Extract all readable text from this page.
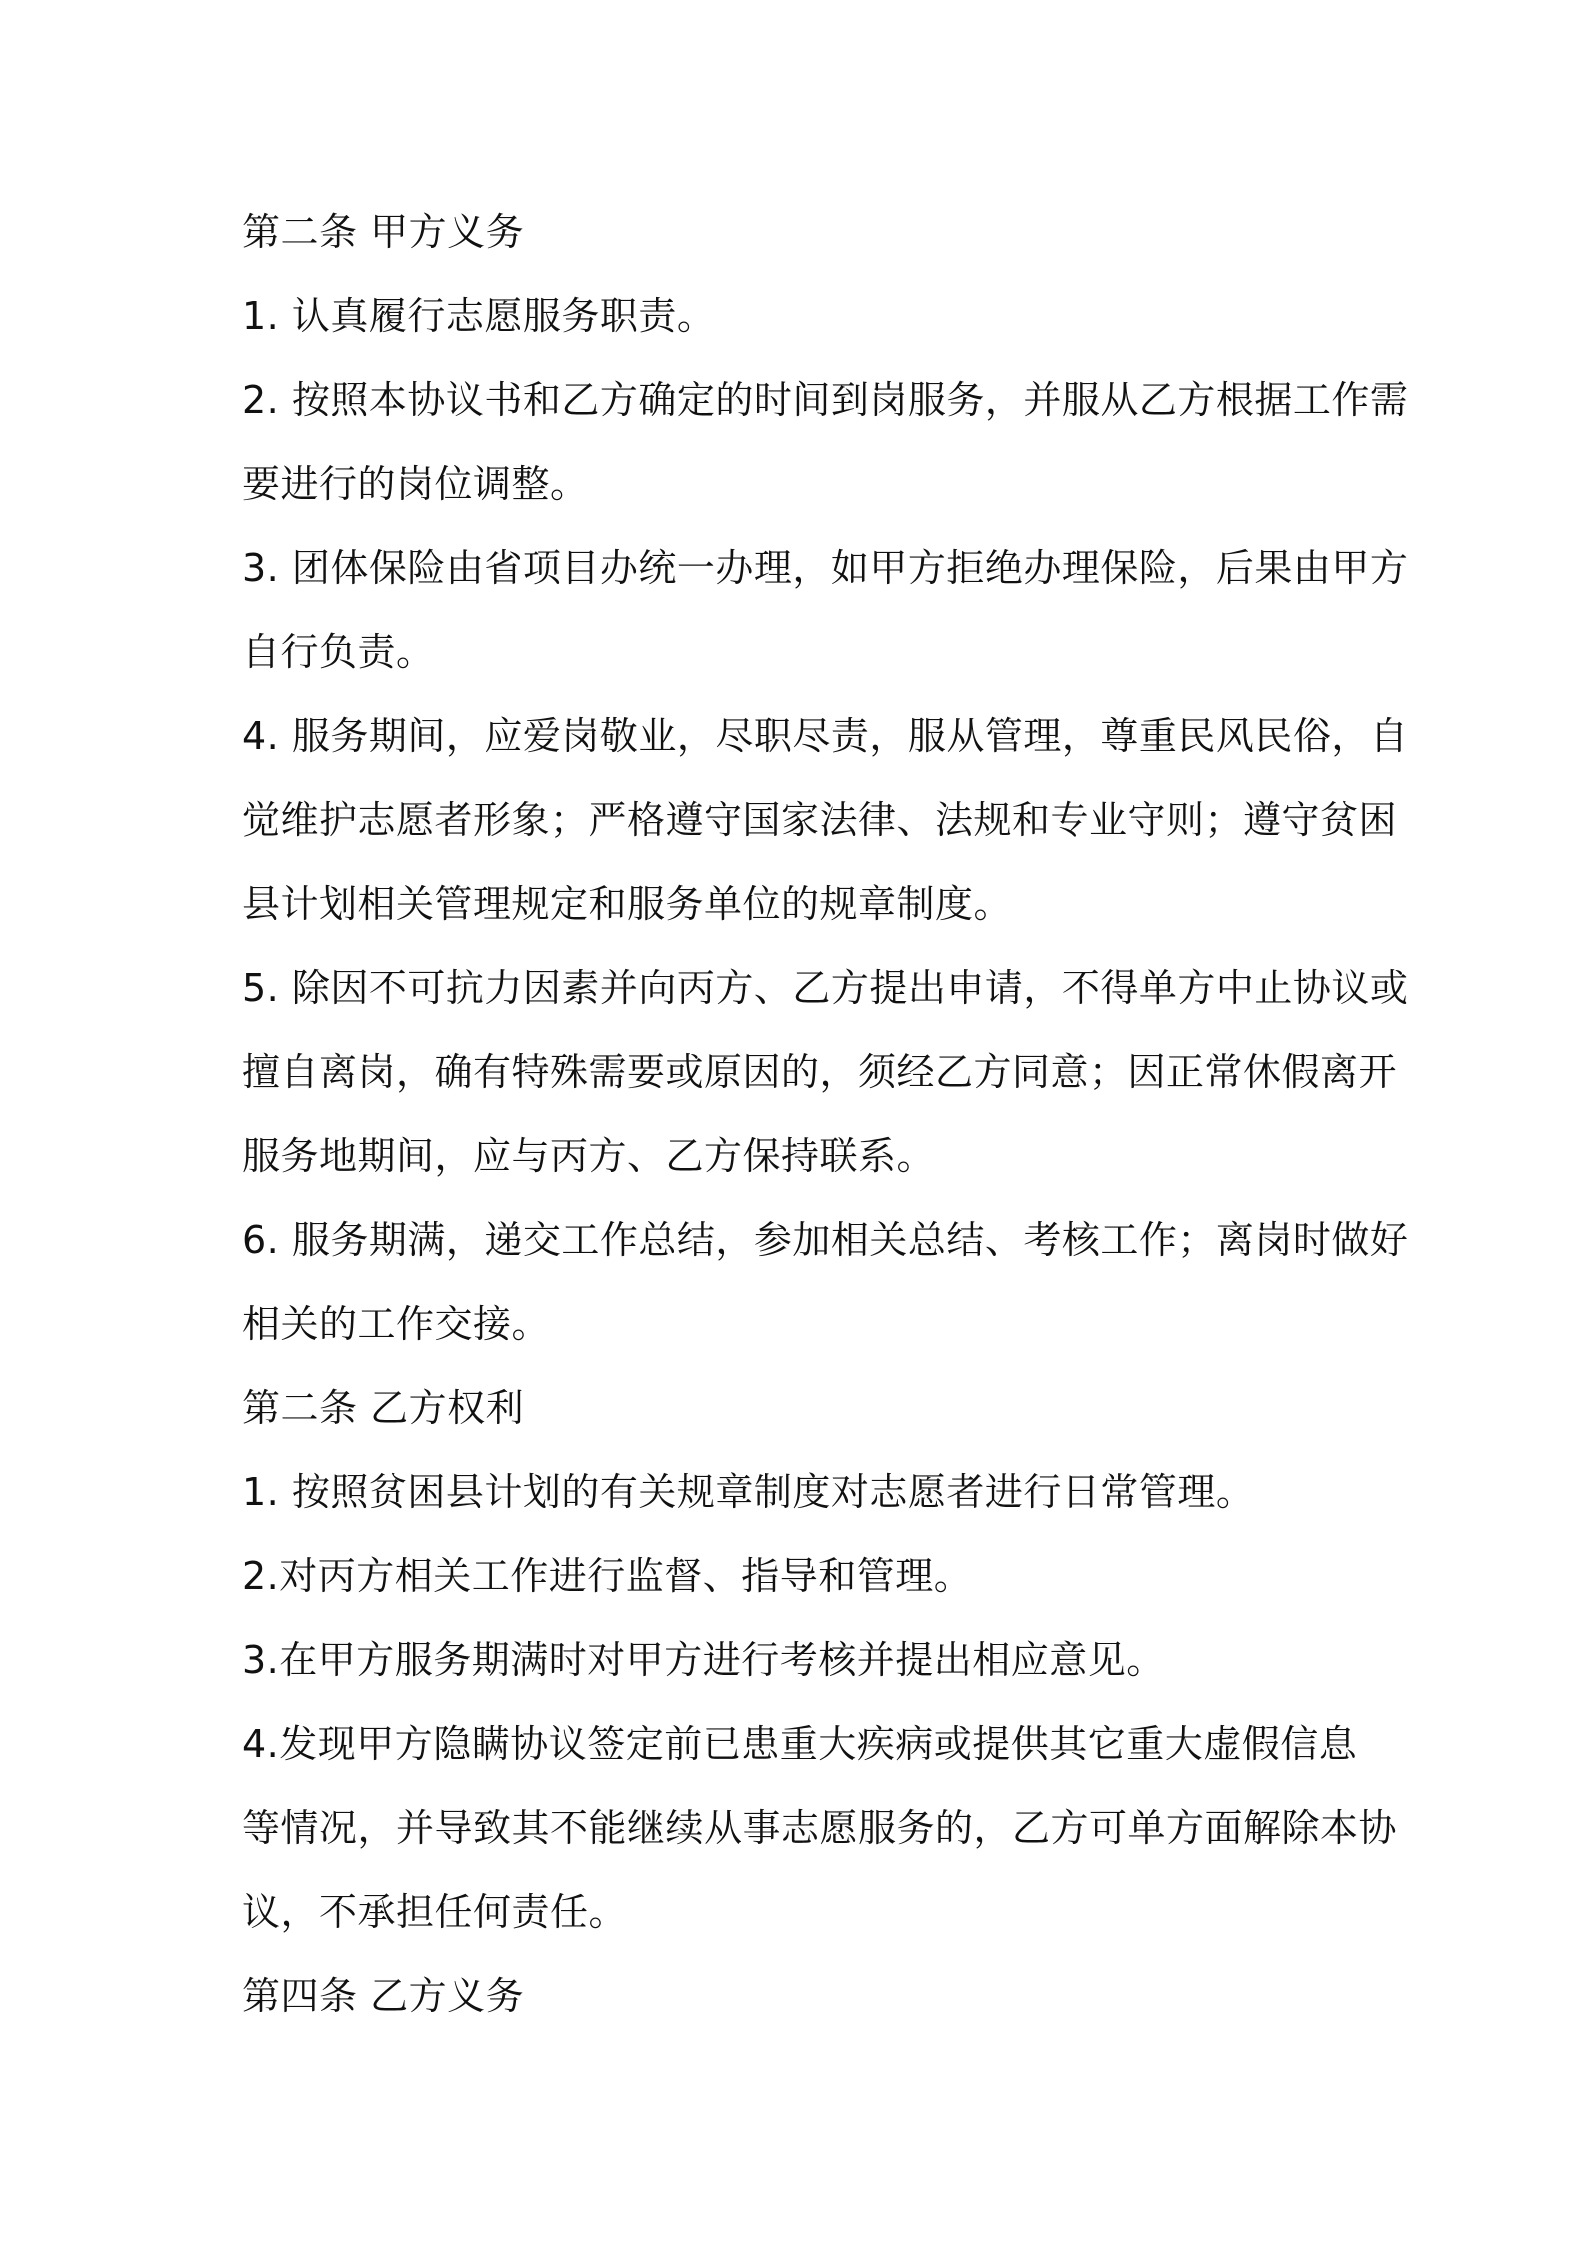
第二条 甲方义务
1. 认真履行志愿服务职责。
2. 按照本协议书和乙方确定的时间到岗服务，并服从乙方根据工作需
要进行的岗位调整。
3. 团体保险由省项目办统一办理，如甲方拒绝办理保险，后果由甲方
自行负责。
4. 服务期间，应爱岗敬业，尽职尽责，服从管理，尊重民风民俗，自
觉维护志愿者形象；严格遵守国家法律、法规和专业守则；遵守贫困
县计划相关管理规定和服务单位的规章制度。
5. 除因不可抗力因素并向丙方、乙方提出申请，不得单方中止协议或
擅自离岗，确有特殊需要或原因的，须经乙方同意；因正常休假离开
服务地期间，应与丙方、乙方保持联系。
6. 服务期满，递交工作总结，参加相关总结、考核工作；离岗时做好
相关的工作交接。
第二条 乙方权利
1. 按照贫困县计划的有关规章制度对志愿者进行日常管理。
2.对丙方相关工作进行监督、指导和管理。
3.在甲方服务期满时对甲方进行考核并提出相应意见。
4.发现甲方隐瞒协议签定前已患重大疾病或提供其它重大虚假信息
等情况，并导致其不能继续从事志愿服务的，乙方可单方面解除本协
议，不承担任何责任。
第四条 乙方义务
